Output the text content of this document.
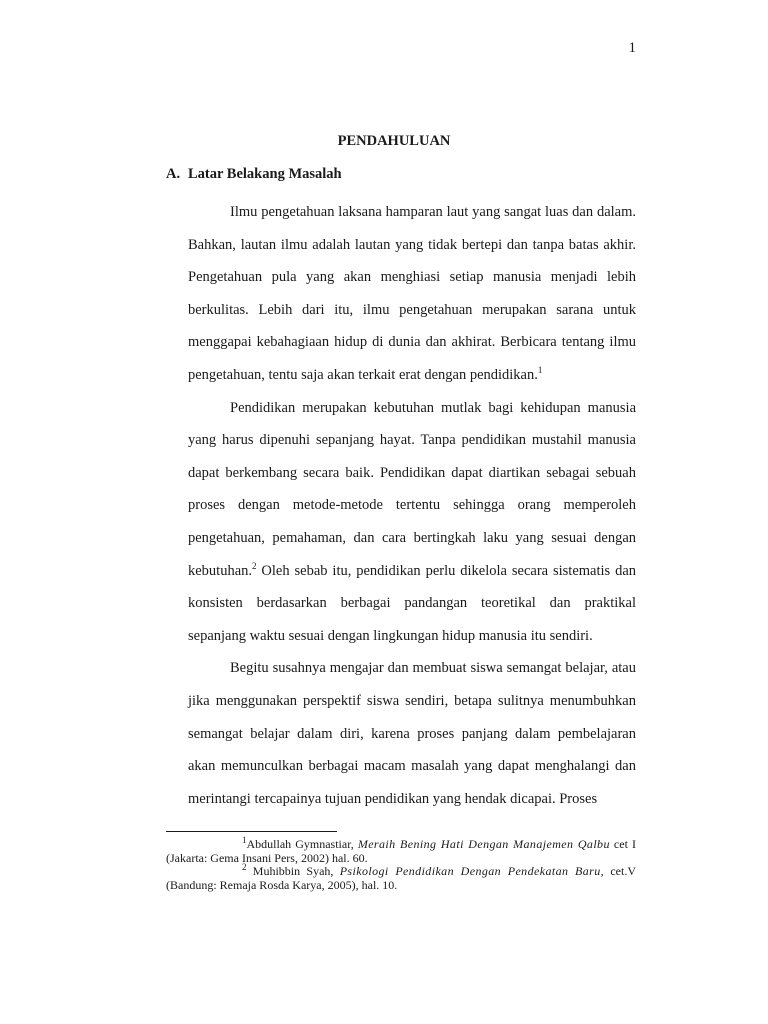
1
PENDAHULUAN
A. Latar Belakang Masalah

Ilmu pengetahuan laksana hamparan laut yang sangat luas dan dalam. Bahkan, lautan ilmu adalah lautan yang tidak bertepi dan tanpa batas akhir. Pengetahuan pula yang akan menghiasi setiap manusia menjadi lebih berkulitas. Lebih dari itu, ilmu pengetahuan merupakan sarana untuk menggapai kebahagiaan hidup di dunia dan akhirat. Berbicara tentang ilmu pengetahuan, tentu saja akan terkait erat dengan pendidikan.$^1$

Pendidikan merupakan kebutuhan mutlak bagi kehidupan manusia yang harus dipenuhi sepanjang hayat. Tanpa pendidikan mustahil manusia dapat berkembang secara baik. Pendidikan dapat diartikan sebagai sebuah proses dengan metode-metode tertentu sehingga orang memperoleh pengetahuan, pemahaman, dan cara bertingkah laku yang sesuai dengan kebutuhan.$^2$ Oleh sebab itu, pendidikan perlu dikelola secara sistematis dan konsisten berdasarkan berbagai pandangan teoretikal dan praktikal sepanjang waktu sesuai dengan lingkungan hidup manusia itu sendiri.

Begitu susahnya mengajar dan membuat siswa semangat belajar, atau jika menggunakan perspektif siswa sendiri, betapa sulitnya menumbuhkan semangat belajar dalam diri, karena proses panjang dalam pembelajaran akan memunculkan berbagai macam masalah yang dapat menghalangi dan merintangi tercapainya tujuan pendidikan yang hendak dicapai. Proses

$^1$Abdullah Gymnastiar, Meraih Bening Hati Dengan Manajemen Qalbu cet I (Jakarta: Gema Insani Pers, 2002) hal. 60.

$^2$ Muhibbin Syah, Psikologi Pendidikan Dengan Pendekatan Baru, cet.V (Bandung: Remaja Rosda Karya, 2005), hal. 10.
